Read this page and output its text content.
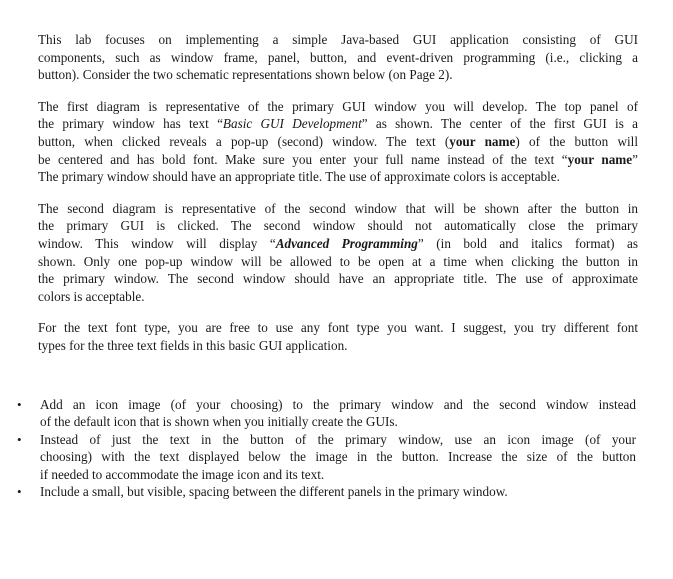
This lab focuses on implementing a simple Java-based GUI application consisting of GUI
components, such as window frame, panel, button, and event-driven programming (i.e., clicking a
button). Consider the two schematic representations shown below (on Page 2).

The first diagram is representative of the primary GUI window you will develop. The top panel of
the primary window has text “Basic GUI Development” as shown. The center of the first GUI is a
button, when clicked reveals a pop-up (second) window. The text (your name) of the button will
be centered and has bold font. Make sure you enter your full name instead of the text “your name”
The primary window should have an appropriate title. The use of approximate colors is acceptable.

The second diagram is representative of the second window that will be shown after the button in
the primary GUI is clicked. The second window should not automatically close the primary
window. This window will display “Advanced Programming” (in bold and italics format) as
shown. Only one pop-up window will be allowed to be open at a time when clicking the button in
the primary window. The second window should have an appropriate title. The use of approximate
colors is acceptable.

For the text font type, you are free to use any font type you want. I suggest, you try different font
types for the three text fields in this basic GUI application.

• Add an icon image (of your choosing) to the primary window and the second window instead
of the default icon that is shown when you initially create the GUIs.
• Instead of just the text in the button of the primary window, use an icon image (of your
choosing) with the text displayed below the image in the button. Increase the size of the button
if needed to accommodate the image icon and its text.
• Include a small, but visible, spacing between the different panels in the primary window.
